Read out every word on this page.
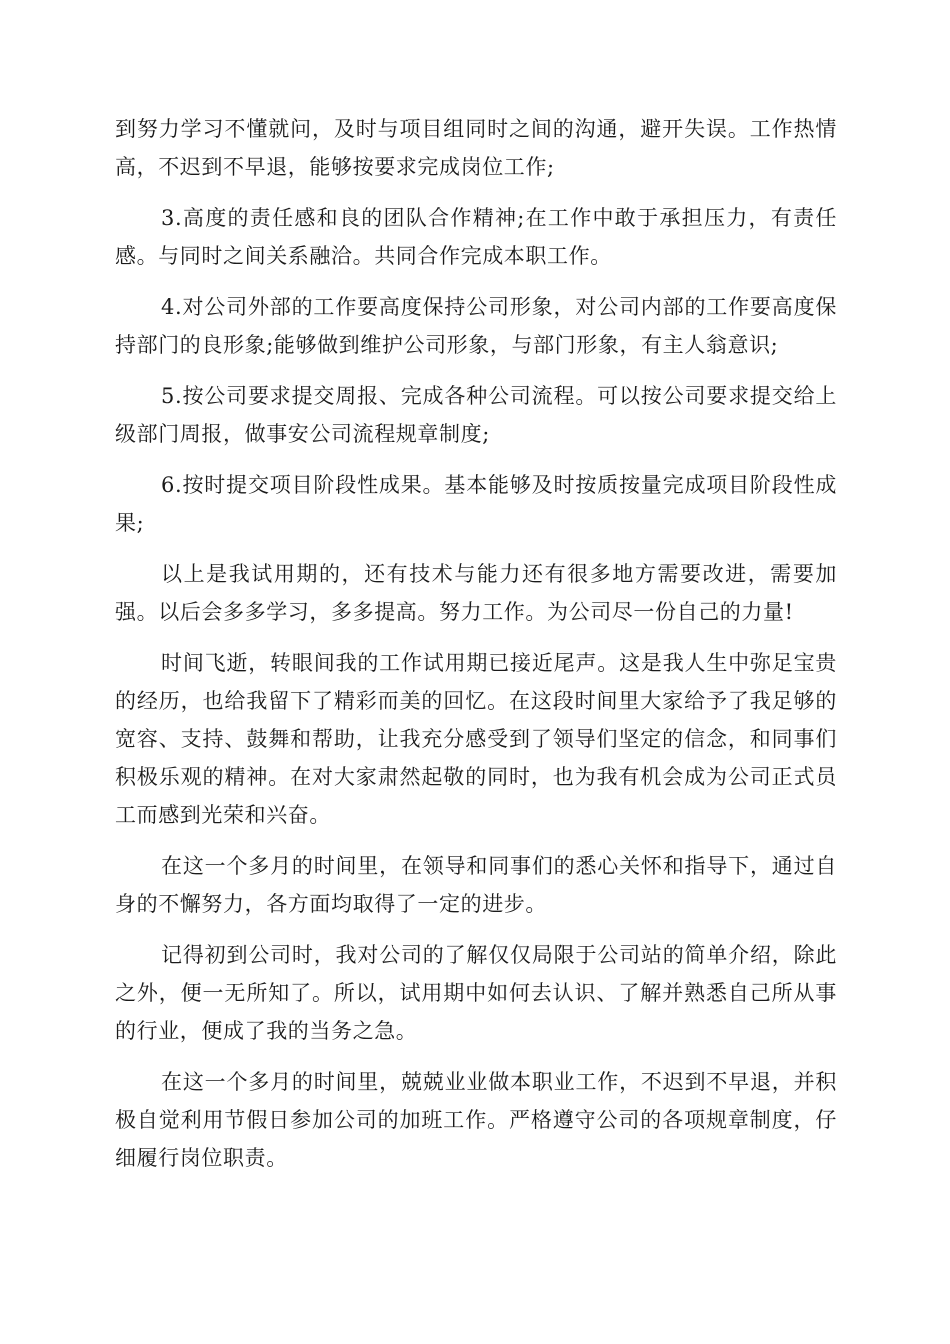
到努力学习不懂就问，及时与项目组同时之间的沟通，避开失误。工作热情高，不迟到不早退，能够按要求完成岗位工作;

3.高度的责任感和良的团队合作精神;在工作中敢于承担压力，有责任感。与同时之间关系融洽。共同合作完成本职工作。

4.对公司外部的工作要高度保持公司形象，对公司内部的工作要高度保持部门的良形象;能够做到维护公司形象，与部门形象，有主人翁意识;

5.按公司要求提交周报、完成各种公司流程。可以按公司要求提交给上级部门周报，做事安公司流程规章制度;

6.按时提交项目阶段性成果。基本能够及时按质按量完成项目阶段性成果;

以上是我试用期的，还有技术与能力还有很多地方需要改进，需要加强。以后会多多学习，多多提高。努力工作。为公司尽一份自己的力量!

时间飞逝，转眼间我的工作试用期已接近尾声。这是我人生中弥足宝贵的经历，也给我留下了精彩而美的回忆。在这段时间里大家给予了我足够的宽容、支持、鼓舞和帮助，让我充分感受到了领导们坚定的信念，和同事们积极乐观的精神。在对大家肃然起敬的同时，也为我有机会成为公司正式员工而感到光荣和兴奋。

在这一个多月的时间里，在领导和同事们的悉心关怀和指导下，通过自身的不懈努力，各方面均取得了一定的进步。

记得初到公司时，我对公司的了解仅仅局限于公司站的简单介绍，除此之外，便一无所知了。所以，试用期中如何去认识、了解并熟悉自己所从事的行业，便成了我的当务之急。

在这一个多月的时间里，兢兢业业做本职业工作，不迟到不早退，并积极自觉利用节假日参加公司的加班工作。严格遵守公司的各项规章制度，仔细履行岗位职责。
